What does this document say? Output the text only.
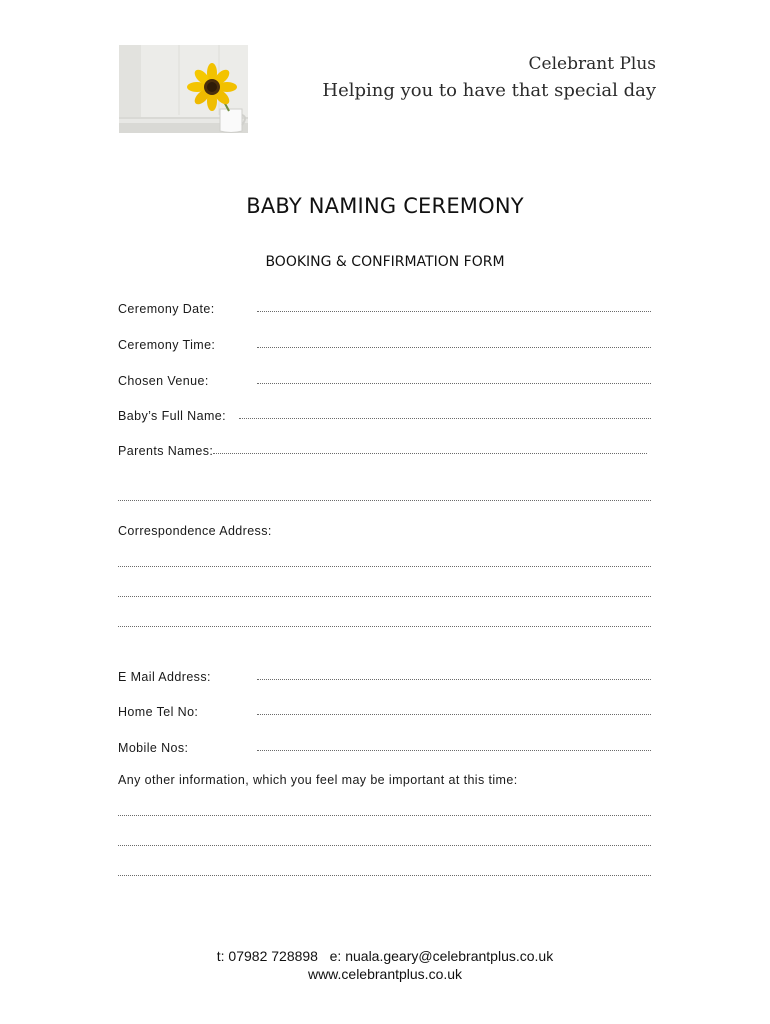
Celebrant Plus
Helping you to have that special day
BABY NAMING CEREMONY
BOOKING & CONFIRMATION FORM
Ceremony Date:
Ceremony Time:
Chosen Venue:
Baby’s Full Name:
Parents Names:
Correspondence Address:
E Mail Address:
Home Tel No:
Mobile Nos:
Any other information, which you feel may be important at this time:
t: 07982 728898   e: nuala.geary@celebrantplus.co.uk
www.celebrantplus.co.uk
